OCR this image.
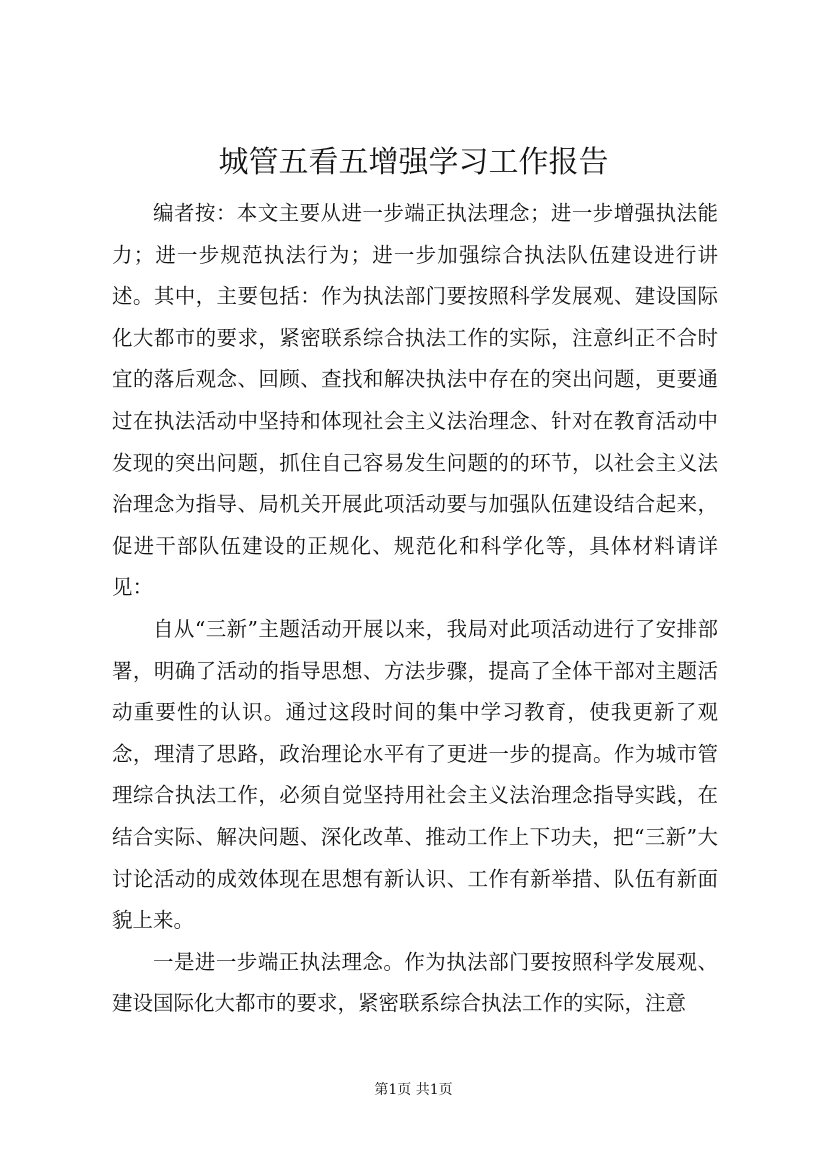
城管五看五增强学习工作报告

编者按：本文主要从进一步端正执法理念；进一步增强执法能力；进一步规范执法行为；进一步加强综合执法队伍建设进行讲述。其中，主要包括：作为执法部门要按照科学发展观、建设国际化大都市的要求，紧密联系综合执法工作的实际，注意纠正不合时宜的落后观念、回顾、查找和解决执法中存在的突出问题，更要通过在执法活动中坚持和体现社会主义法治理念、针对在教育活动中发现的突出问题，抓住自己容易发生问题的的环节，以社会主义法治理念为指导、局机关开展此项活动要与加强队伍建设结合起来，促进干部队伍建设的正规化、规范化和科学化等，具体材料请详见：

自从“三新”主题活动开展以来，我局对此项活动进行了安排部署，明确了活动的指导思想、方法步骤，提高了全体干部对主题活动重要性的认识。通过这段时间的集中学习教育，使我更新了观念，理清了思路，政治理论水平有了更进一步的提高。作为城市管理综合执法工作，必须自觉坚持用社会主义法治理念指导实践，在结合实际、解决问题、深化改革、推动工作上下功夫，把“三新”大讨论活动的成效体现在思想有新认识、工作有新举措、队伍有新面貌上来。

一是进一步端正执法理念。作为执法部门要按照科学发展观、建设国际化大都市的要求，紧密联系综合执法工作的实际，注意

第1页 共1页
